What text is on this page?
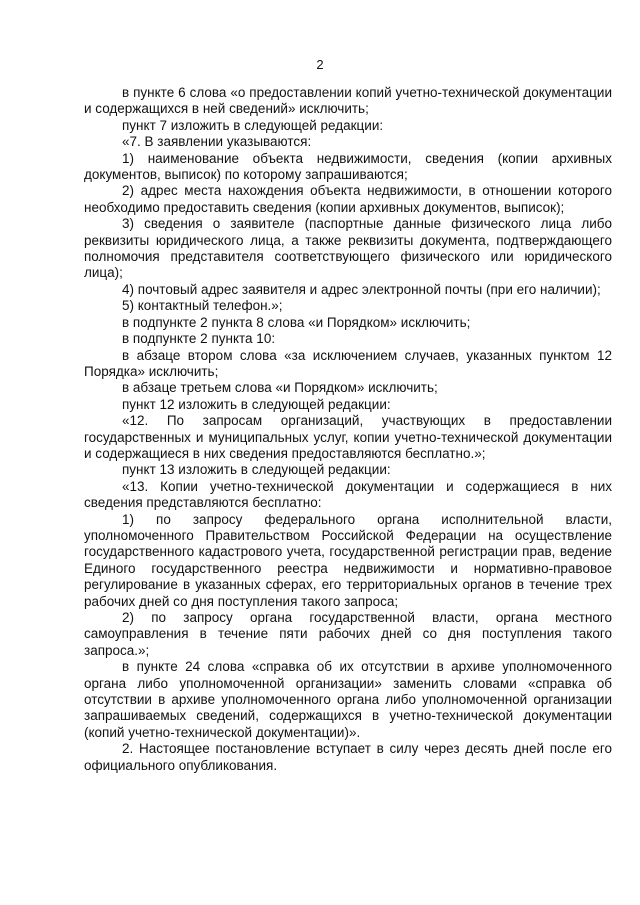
2

в пункте 6 слова «о предоставлении копий учетно-технической документации и содержащихся в ней сведений» исключить;

пункт 7 изложить в следующей редакции:

«7. В заявлении указываются:

1) наименование объекта недвижимости, сведения (копии архивных документов, выписок) по которому запрашиваются;

2) адрес места нахождения объекта недвижимости, в отношении которого необходимо предоставить сведения (копии архивных документов, выписок);

3) сведения о заявителе (паспортные данные физического лица либо реквизиты юридического лица, а также реквизиты документа, подтверждающего полномочия представителя соответствующего физического или юридического лица);

4) почтовый адрес заявителя и адрес электронной почты (при его наличии);

5) контактный телефон.»;

в подпункте 2 пункта 8 слова «и Порядком» исключить;

в подпункте 2 пункта 10:

в абзаце втором слова «за исключением случаев, указанных пунктом 12 Порядка» исключить;

в абзаце третьем слова «и Порядком» исключить;

пункт 12 изложить в следующей редакции:

«12. По запросам организаций, участвующих в предоставлении государственных и муниципальных услуг, копии учетно-технической документации и содержащиеся в них сведения предоставляются бесплатно.»;

пункт 13 изложить в следующей редакции:

«13. Копии учетно-технической документации и содержащиеся в них сведения представляются бесплатно:

1) по запросу федерального органа исполнительной власти, уполномоченного Правительством Российской Федерации на осуществление государственного кадастрового учета, государственной регистрации прав, ведение Единого государственного реестра недвижимости и нормативно-правовое регулирование в указанных сферах, его территориальных органов в течение трех рабочих дней со дня поступления такого запроса;

2) по запросу органа государственной власти, органа местного самоуправления в течение пяти рабочих дней со дня поступления такого запроса.»;

в пункте 24 слова «справка об их отсутствии в архиве уполномоченного органа либо уполномоченной организации» заменить словами «справка об отсутствии в архиве уполномоченного органа либо уполномоченной организации запрашиваемых сведений, содержащихся в учетно-технической документации (копий учетно-технической документации)».

2. Настоящее постановление вступает в силу через десять дней после его официального опубликования.
